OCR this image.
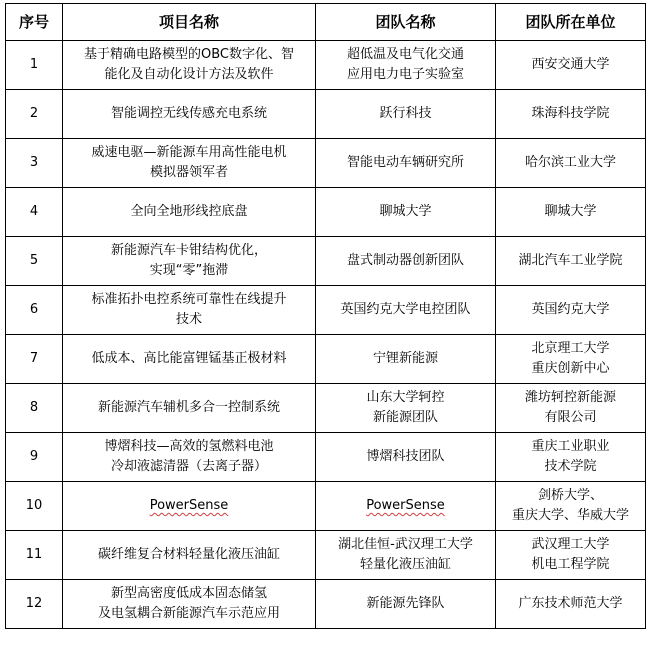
序号	项目名称	团队名称	团队所在单位
1	基于精确电路模型的OBC数字化、智
能化及自动化设计方法及软件	超低温及电气化交通
应用电力电子实验室	西安交通大学

2	智能调控无线传感充电系统	跃行科技	珠海科技学院

3	威速电驱—新能源车用高性能电机
模拟器领军者	智能电动车辆研究所	哈尔滨工业大学

4	全向全地形线控底盘	聊城大学	聊城大学

5	新能源汽车卡钳结构优化，
实现“零”拖滞	盘式制动器创新团队	湖北汽车工业学院

6	标准拓扑电控系统可靠性在线提升
技术	英国约克大学电控团队	英国约克大学

7	低成本、高比能富锂锰基正极材料	宁锂新能源	北京理工大学
重庆创新中心

8	新能源汽车辅机多合一控制系统	山东大学轲控
新能源团队	潍坊轲控新能源
有限公司

9	博熠科技—高效的氢燃料电池
冷却液滤清器（去离子器）	博熠科技团队	重庆工业职业
技术学院

10	PowerSense	PowerSense	剑桥大学、
重庆大学、华威大学

11	碳纤维复合材料轻量化液压油缸	湖北佳恒-武汉理工大学
轻量化液压油缸	武汉理工大学
机电工程学院

12	新型高密度低成本固态储氢
及电氢耦合新能源汽车示范应用	新能源先锋队	广东技术师范大学
